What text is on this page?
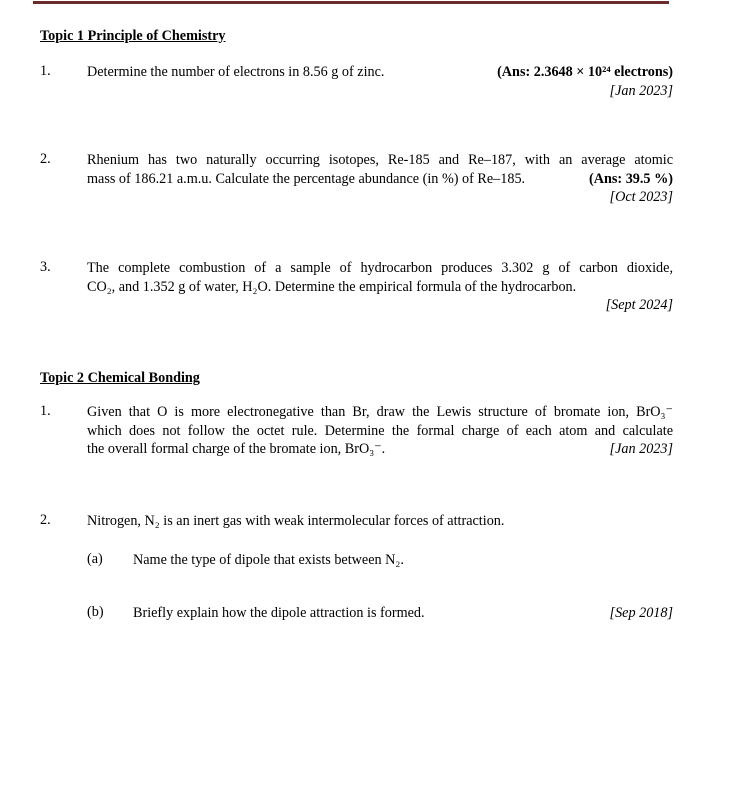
Topic 1 Principle of Chemistry
1.	Determine the number of electrons in 8.56 g of zinc.	(Ans: 2.3648 × 10²⁴ electrons)
[Jan 2023]
2.	Rhenium has two naturally occurring isotopes, Re-185 and Re–187, with an average atomic
mass of 186.21 a.m.u. Calculate the percentage abundance (in %) of Re–185.	(Ans: 39.5 %)
[Oct 2023]
3.	The complete combustion of a sample of hydrocarbon produces 3.302 g of carbon dioxide,
CO₂, and 1.352 g of water, H₂O. Determine the empirical formula of the hydrocarbon.
[Sept 2024]
Topic 2 Chemical Bonding
1.	Given that O is more electronegative than Br, draw the Lewis structure of bromate ion, BrO₃⁻
which does not follow the octet rule. Determine the formal charge of each atom and calculate
the overall formal charge of the bromate ion, BrO₃⁻.	[Jan 2023]
2.	Nitrogen, N₂ is an inert gas with weak intermolecular forces of attraction.
(a) Name the type of dipole that exists between N₂.
(b) Briefly explain how the dipole attraction is formed.	[Sep 2018]
